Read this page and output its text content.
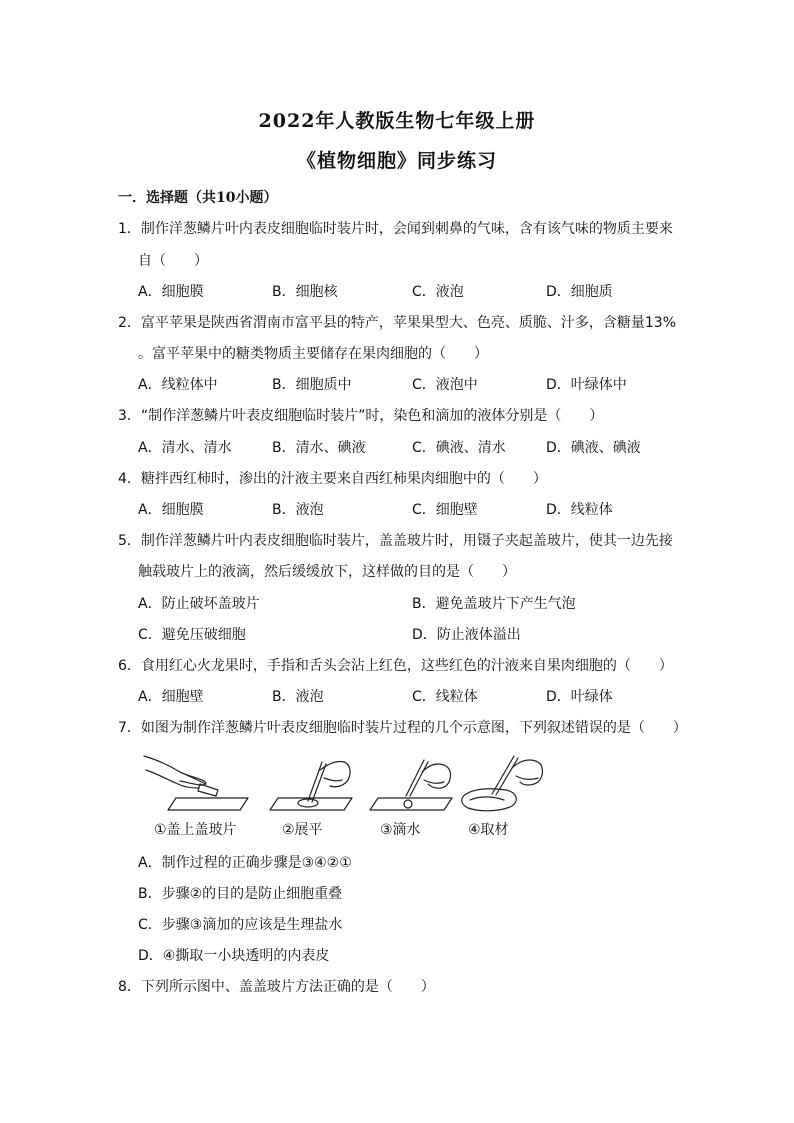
2022年人教版生物七年级上册
《植物细胞》同步练习
一．选择题（共10小题）
1．制作洋葱鳞片叶内表皮细胞临时装片时，会闻到刺鼻的气味，含有该气味的物质主要来
自（　　）
A．细胞膜	B．细胞核	C．液泡	D．细胞质
2．富平苹果是陕西省渭南市富平县的特产，苹果果型大、色亮、质脆、汁多，含糖量13%
。富平苹果中的糖类物质主要储存在果肉细胞的（　　）
A．线粒体中	B．细胞质中	C．液泡中	D．叶绿体中
3．“制作洋葱鳞片叶表皮细胞临时装片”时，染色和滴加的液体分别是（　　）
A．清水、清水	B．清水、碘液	C．碘液、清水	D．碘液、碘液
4．糖拌西红柿时，渗出的汁液主要来自西红柿果肉细胞中的（　　）
A．细胞膜	B．液泡	C．细胞壁	D．线粒体
5．制作洋葱鳞片叶内表皮细胞临时装片，盖盖玻片时，用镊子夹起盖玻片，使其一边先接
触载玻片上的液滴，然后缓缓放下，这样做的目的是（　　）
A．防止破坏盖玻片	B．避免盖玻片下产生气泡
C．避免压破细胞	D．防止液体溢出
6．食用红心火龙果时，手指和舌头会沾上红色，这些红色的汁液来自果肉细胞的（　　）
A．细胞壁	B．液泡	C．线粒体	D．叶绿体
7．如图为制作洋葱鳞片叶表皮细胞临时装片过程的几个示意图，下列叙述错误的是（　　）
①盖上盖玻片	②展平	③滴水	④取材
A．制作过程的正确步骤是③④②①
B．步骤②的目的是防止细胞重叠
C．步骤③滴加的应该是生理盐水
D．④撕取一小块透明的内表皮
8．下列所示图中、盖盖玻片方法正确的是（　　）
